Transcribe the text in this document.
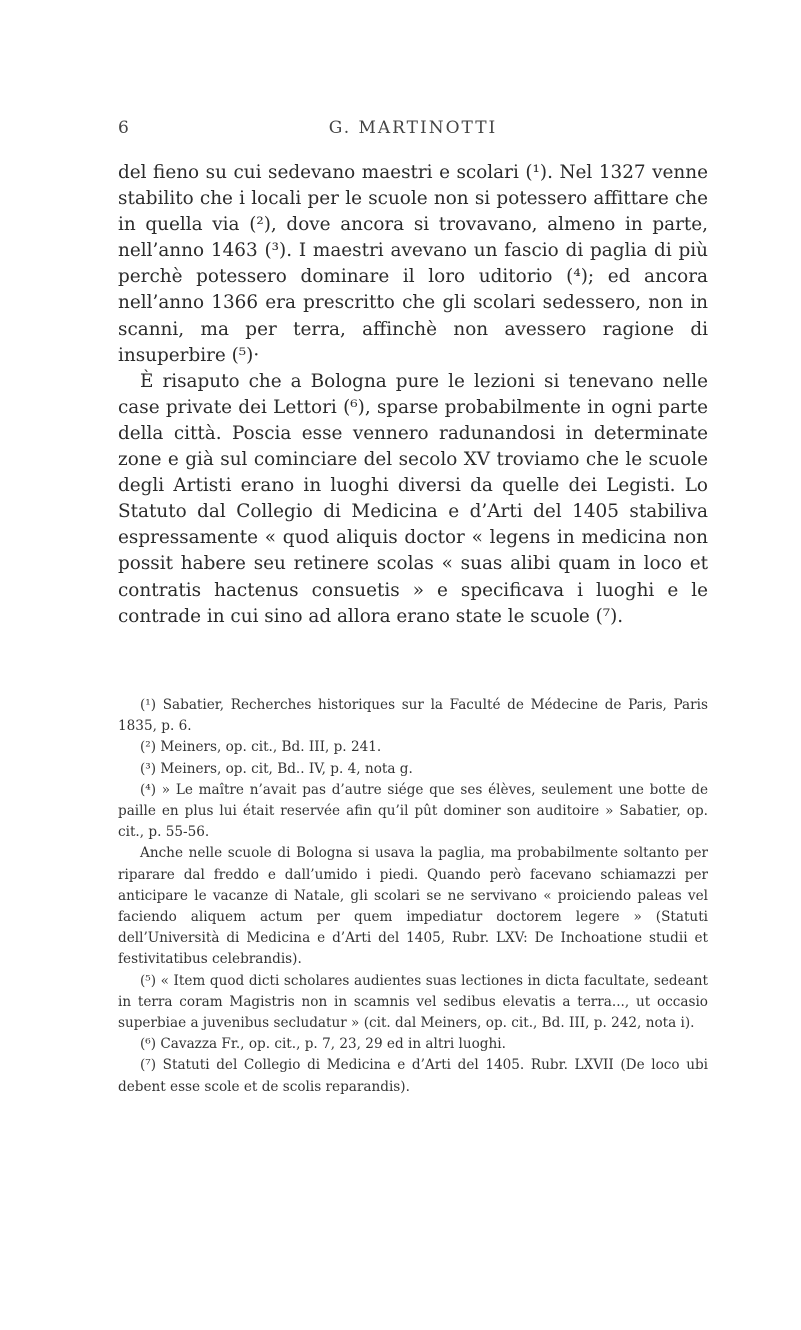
6	G. MARTINOTTI

del fieno su cui sedevano maestri e scolari (¹). Nel 1327 venne stabilito che i locali per le scuole non si potessero affittare che in quella via (²), dove ancora si trovavano, almeno in parte, nell’anno 1463 (³). I maestri avevano un fascio di paglia di più perchè potessero dominare il loro uditorio (⁴); ed ancora nell’anno 1366 era prescritto che gli scolari sedessero, non in scanni, ma per terra, affinchè non avessero ragione di insuperbire (⁵)·

È risaputo che a Bologna pure le lezioni si tenevano nelle case private dei Lettori (⁶), sparse probabilmente in ogni parte della città. Poscia esse vennero radunandosi in determinate zone e già sul cominciare del secolo XV troviamo che le scuole degli Artisti erano in luoghi diversi da quelle dei Legisti. Lo Statuto dal Collegio di Medicina e d’Arti del 1405 stabiliva espressamente « quod aliquis doctor « legens in medicina non possit habere seu retinere scolas « suas alibi quam in loco et contratis hactenus consuetis » e specificava i luoghi e le contrade in cui sino ad allora erano state le scuole (⁷).

(¹) Sabatier, Recherches historiques sur la Faculté de Médecine de Paris, Paris 1835, p. 6.

(²) Meiners, op. cit., Bd. III, p. 241.

(³) Meiners, op. cit, Bd.. IV, p. 4, nota g.

(⁴) » Le maître n’avait pas d’autre siége que ses élèves, seulement une botte de paille en plus lui était reservée afin qu’il pût dominer son auditoire » Sabatier, op. cit., p. 55-56.

Anche nelle scuole di Bologna si usava la paglia, ma probabilmente soltanto per riparare dal freddo e dall’umido i piedi. Quando però facevano schiamazzi per anticipare le vacanze di Natale, gli scolari se ne servivano « proiciendo paleas vel faciendo aliquem actum per quem impediatur doctorem legere » (Statuti dell’Università di Medicina e d’Arti del 1405, Rubr. LXV: De Inchoatione studii et festivitatibus celebrandis).

(⁵) « Item quod dicti scholares audientes suas lectiones in dicta facultate, sedeant in terra coram Magistris non in scamnis vel sedibus elevatis a terra..., ut occasio superbiae a juvenibus secludatur » (cit. dal Meiners, op. cit., Bd. III, p. 242, nota i).

(⁶) Cavazza Fr., op. cit., p. 7, 23, 29 ed in altri luoghi.

(⁷) Statuti del Collegio di Medicina e d’Arti del 1405. Rubr. LXVII (De loco ubi debent esse scole et de scolis reparandis).
